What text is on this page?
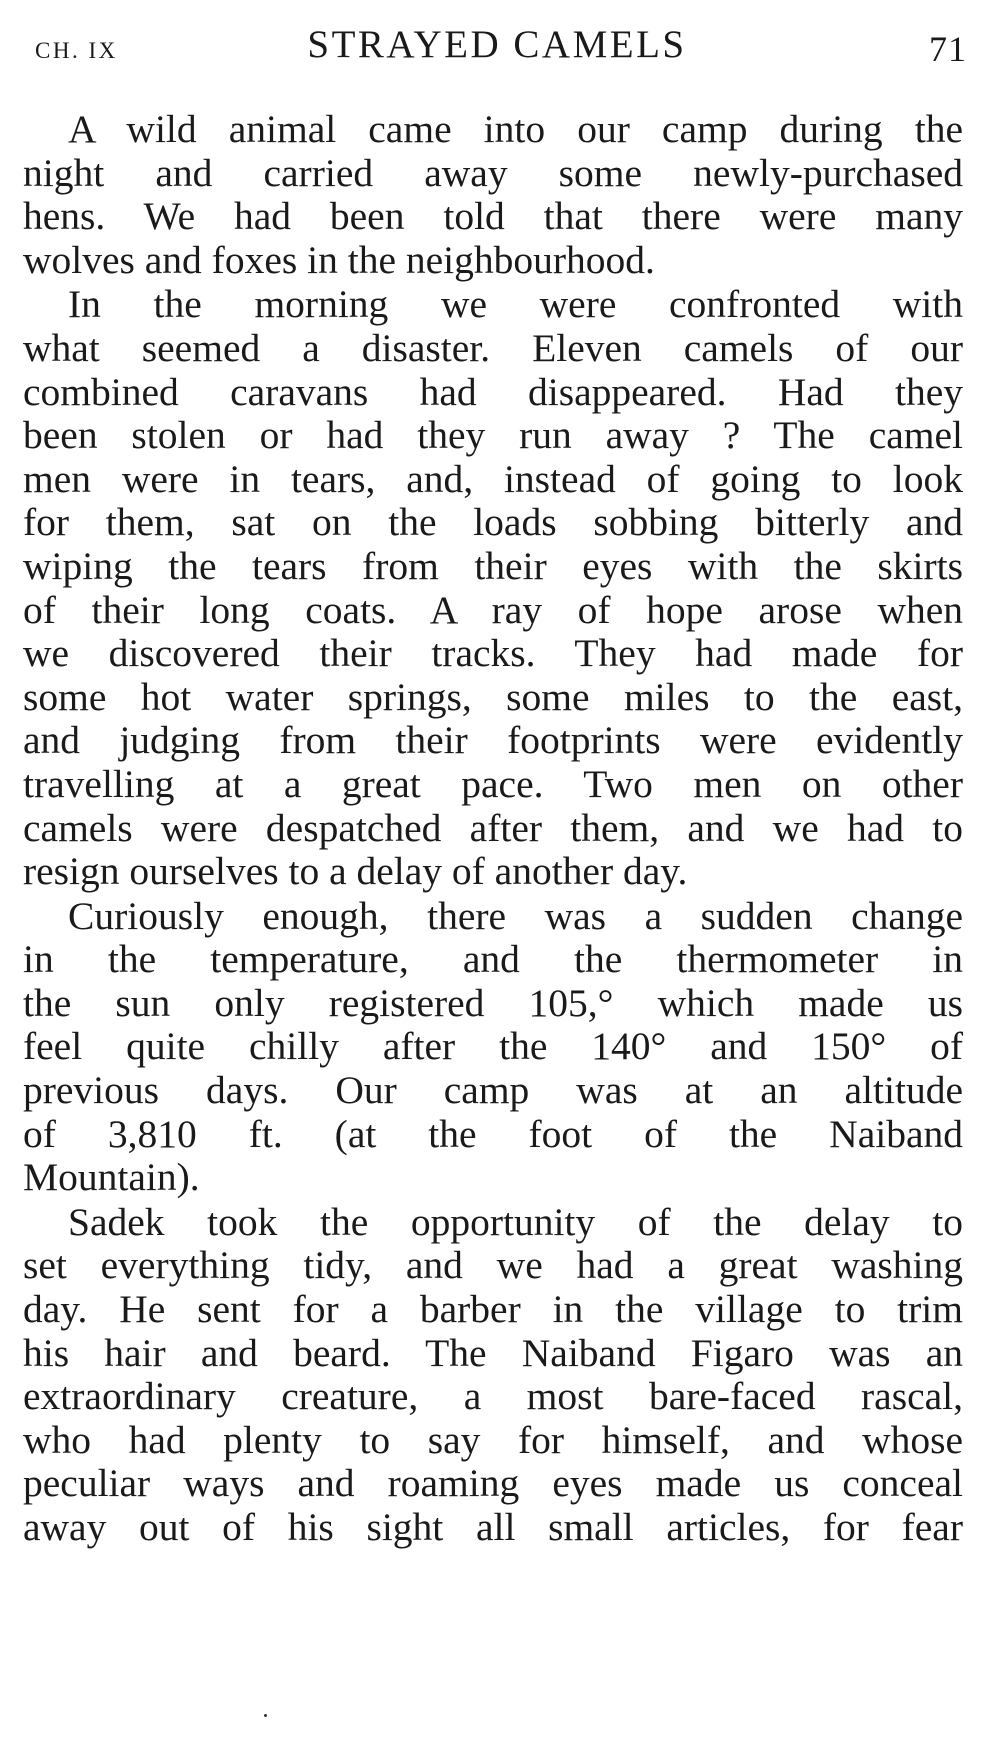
CH. IX	STRAYED CAMELS	71

A wild animal came into our camp during the
night and carried away some newly-purchased
hens. We had been told that there were many
wolves and foxes in the neighbourhood.

In the morning we were confronted with
what seemed a disaster. Eleven camels of our
combined caravans had disappeared. Had they
been stolen or had they run away ? The camel
men were in tears, and, instead of going to look
for them, sat on the loads sobbing bitterly and
wiping the tears from their eyes with the skirts
of their long coats. A ray of hope arose when
we discovered their tracks. They had made for
some hot water springs, some miles to the east,
and judging from their footprints were evidently
travelling at a great pace. Two men on other
camels were despatched after them, and we had to
resign ourselves to a delay of another day.

Curiously enough, there was a sudden change
in the temperature, and the thermometer in
the sun only registered 105,° which made us
feel quite chilly after the 140° and 150° of
previous days. Our camp was at an altitude
of 3,810 ft. (at the foot of the Naiband
Mountain).

Sadek took the opportunity of the delay to
set everything tidy, and we had a great washing
day. He sent for a barber in the village to trim
his hair and beard. The Naiband Figaro was an
extraordinary creature, a most bare-faced rascal,
who had plenty to say for himself, and whose
peculiar ways and roaming eyes made us conceal
away out of his sight all small articles, for fear
